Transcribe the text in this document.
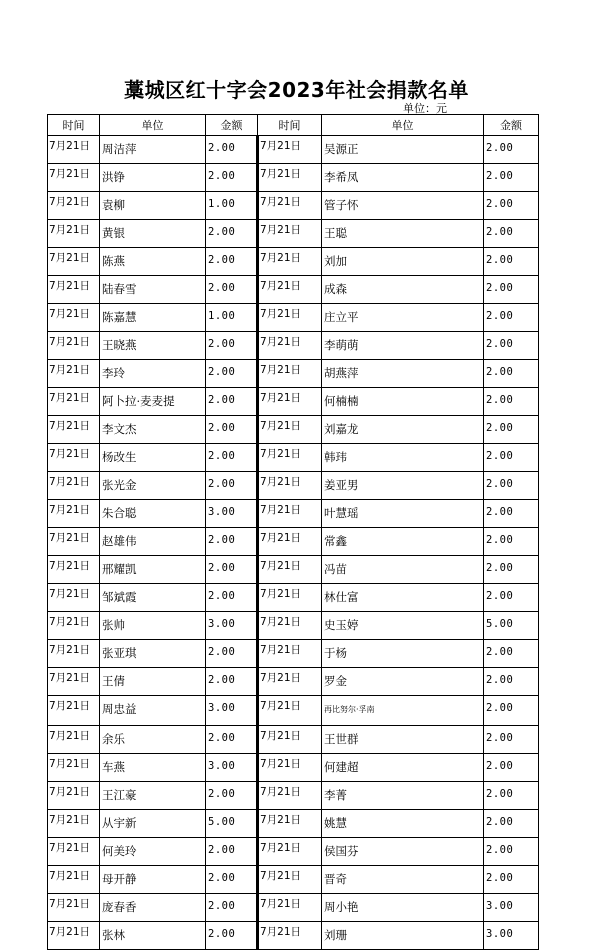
藁城区红十字会2023年社会捐款名单
单位：元
时间	单位	金额	时间	单位	金额
7月21日	周洁萍	2.00	7月21日	吴源正	2.00
7月21日	洪铮	2.00	7月21日	李希凤	2.00
7月21日	袁柳	1.00	7月21日	管子怀	2.00
7月21日	黄银	2.00	7月21日	王聪	2.00
7月21日	陈燕	2.00	7月21日	刘加	2.00
7月21日	陆春雪	2.00	7月21日	成森	2.00
7月21日	陈嘉慧	1.00	7月21日	庄立平	2.00
7月21日	王晓燕	2.00	7月21日	李萌萌	2.00
7月21日	李玲	2.00	7月21日	胡燕萍	2.00
7月21日	阿卜拉·麦麦提	2.00	7月21日	何楠楠	2.00
7月21日	李文杰	2.00	7月21日	刘嘉龙	2.00
7月21日	杨改生	2.00	7月21日	韩玮	2.00
7月21日	张光金	2.00	7月21日	姜亚男	2.00
7月21日	朱合聪	3.00	7月21日	叶慧瑶	2.00
7月21日	赵雄伟	2.00	7月21日	常鑫	2.00
7月21日	邢耀凯	2.00	7月21日	冯苗	2.00
7月21日	邹斌霞	2.00	7月21日	林仕富	2.00
7月21日	张帅	3.00	7月21日	史玉婷	5.00
7月21日	张亚琪	2.00	7月21日	于杨	2.00
7月21日	王倩	2.00	7月21日	罗金	2.00
7月21日	周忠益	3.00	7月21日	再比努尔·孚南	2.00
7月21日	余乐	2.00	7月21日	王世群	2.00
7月21日	车燕	3.00	7月21日	何建超	2.00
7月21日	王江豪	2.00	7月21日	李菁	2.00
7月21日	从宇新	5.00	7月21日	姚慧	2.00
7月21日	何美玲	2.00	7月21日	侯国芬	2.00
7月21日	母开静	2.00	7月21日	晋奇	2.00
7月21日	庞春香	2.00	7月21日	周小艳	3.00
7月21日	张林	2.00	7月21日	刘珊	3.00
